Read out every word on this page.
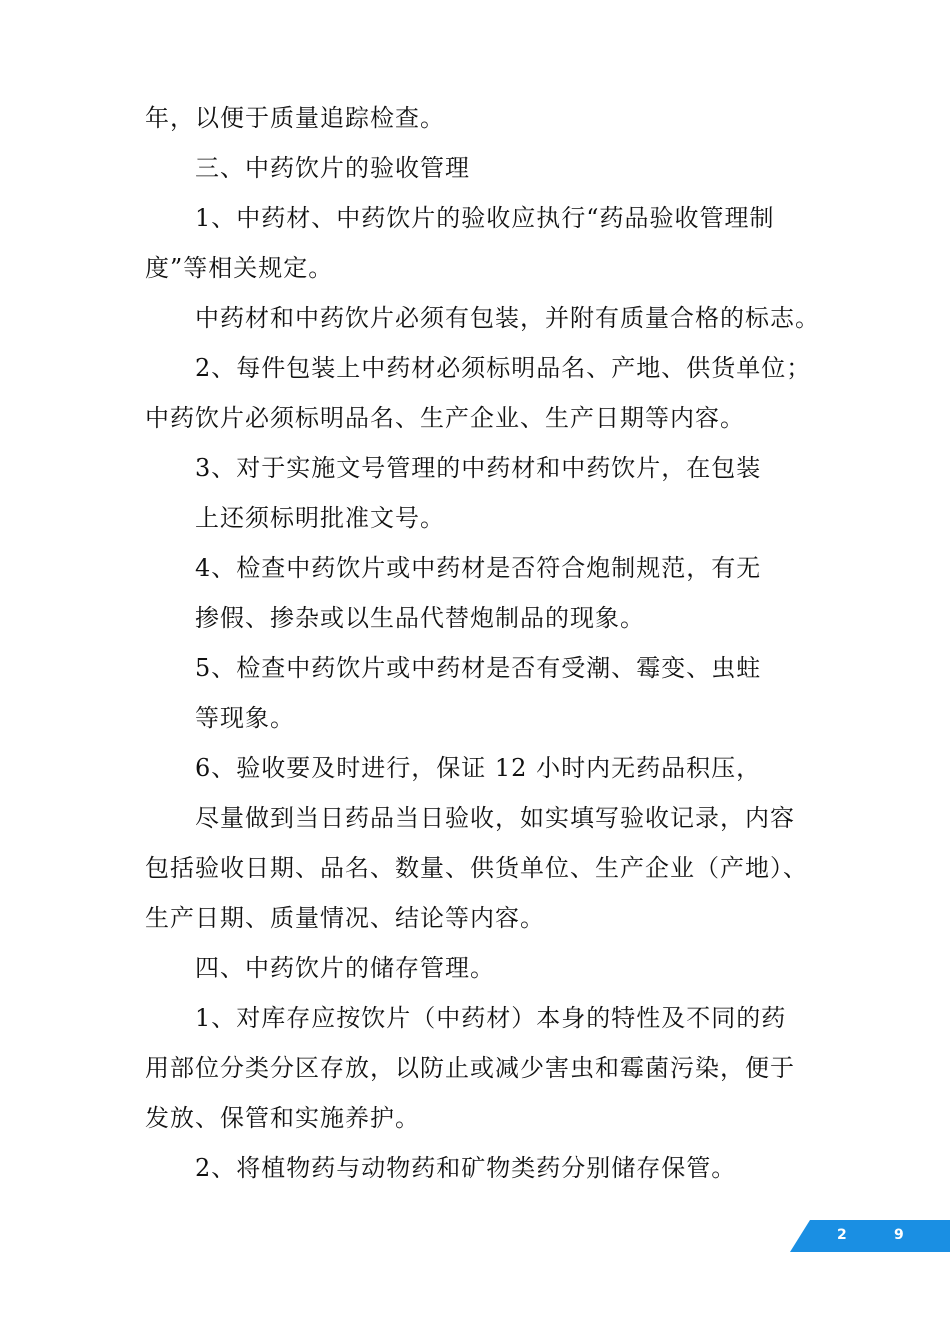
年，以便于质量追踪检查。
三、中药饮片的验收管理
1、中药材、中药饮片的验收应执行“药品验收管理制
度”等相关规定。
中药材和中药饮片必须有包装，并附有质量合格的标志。
2、每件包装上中药材必须标明品名、产地、供货单位；
中药饮片必须标明品名、生产企业、生产日期等内容。
3、对于实施文号管理的中药材和中药饮片，在包装
上还须标明批准文号。
4、检查中药饮片或中药材是否符合炮制规范，有无
掺假、掺杂或以生品代替炮制品的现象。
5、检查中药饮片或中药材是否有受潮、霉变、虫蛀
等现象。
6、验收要及时进行，保证 12 小时内无药品积压，
尽量做到当日药品当日验收，如实填写验收记录，内容
包括验收日期、品名、数量、供货单位、生产企业（产地）、
生产日期、质量情况、结论等内容。
四、中药饮片的储存管理。
1、对库存应按饮片（中药材）本身的特性及不同的药
用部位分类分区存放，以防止或减少害虫和霉菌污染，便于
发放、保管和实施养护。
2、将植物药与动物药和矿物类药分别储存保管。
2	9
